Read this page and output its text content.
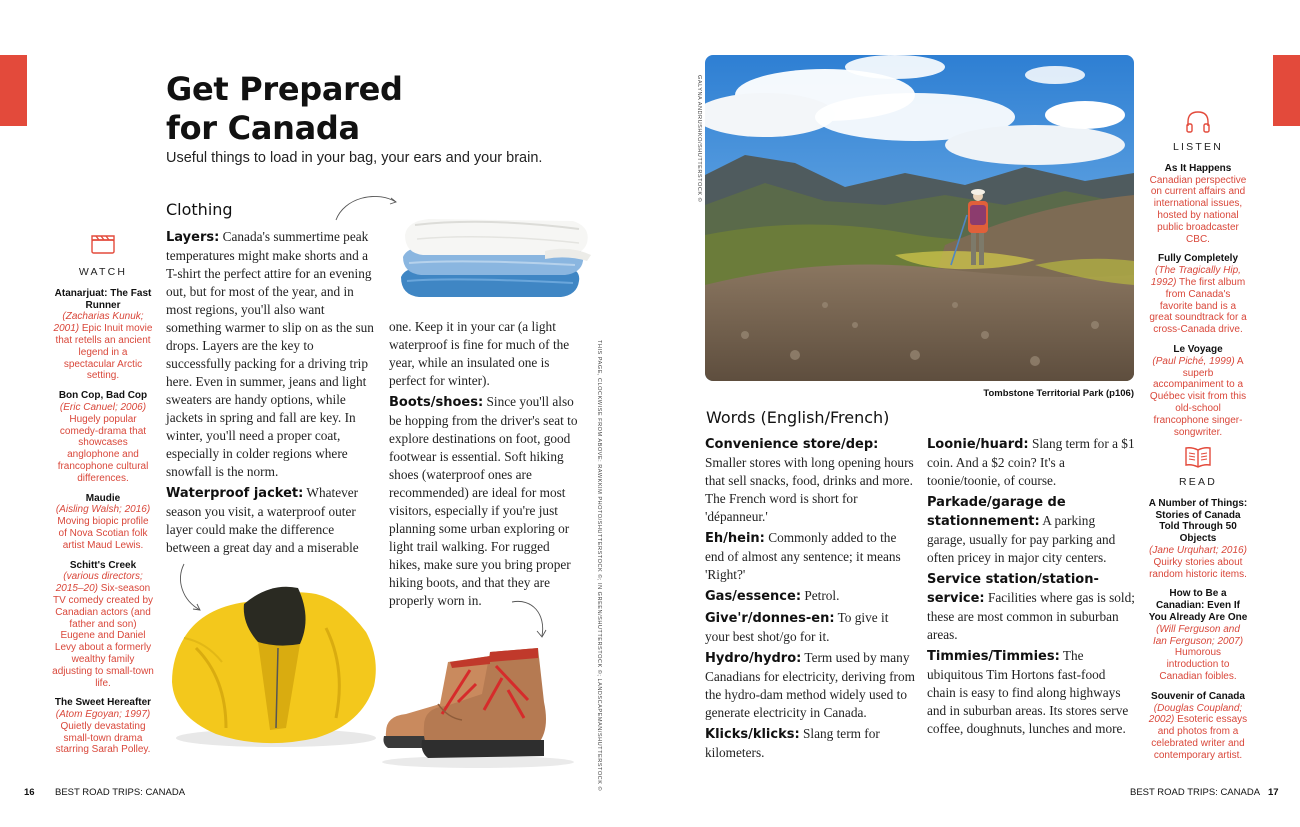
Get Prepared
for Canada
Useful things to load in your bag, your ears and your brain.
WATCH
Atanarjuat: The Fast Runner
(Zacharias Kunuk; 2001) Epic Inuit movie that retells an ancient legend in a spectacular Arctic setting.
Bon Cop, Bad Cop
(Eric Canuel; 2006) Hugely popular comedy-drama that showcases anglophone and francophone cultural differences.
Maudie
(Aisling Walsh; 2016) Moving biopic profile of Nova Scotian folk artist Maud Lewis.
Schitt's Creek
(various directors; 2015–20) Six-season TV comedy created by Canadian actors (and father and son) Eugene and Daniel Levy about a formerly wealthy family adjusting to small-town life.
The Sweet Hereafter
(Atom Egoyan; 1997) Quietly devastating small-town drama starring Sarah Polley.
Clothing

Layers: Canada's summertime peak temperatures might make shorts and a T-shirt the perfect attire for an evening out, but for most of the year, and in most regions, you'll also want something warmer to slip on as the sun drops. Layers are the key to successfully packing for a driving trip here. Even in summer, jeans and light sweaters are handy options, while jackets in spring and fall are key. In winter, you'll need a proper coat, especially in colder regions where snowfall is the norm.

Waterproof jacket: Whatever season you visit, a waterproof outer layer could make the difference between a great day and a miserable

one. Keep it in your car (a light waterproof is fine for much of the year, while an insulated one is perfect for winter).

Boots/shoes: Since you'll also be hopping from the driver's seat to explore destinations on foot, good footwear is essential. Soft hiking shoes (waterproof ones are recommended) are ideal for most visitors, especially if you're just planning some urban exploring or light trail walking. For rugged hikes, make sure you bring proper hiking boots, and that they are properly worn in.	THIS PAGE, CLOCKWISE FROM ABOVE: RAWKKIM PHOTO/SHUTTERSTOCK ©; IN GREEN/SHUTTERSTOCK ©; LANDSCAPEMAN/SHUTTERSTOCK ©
GALYNA ANDRUSHKO/SHUTTERSTOCK ©
Tombstone Territorial Park (p106)
Words (English/French)

Convenience store/dep: Smaller stores with long opening hours that sell snacks, food, drinks and more. The French word is short for 'dépanneur.'

Eh/hein: Commonly added to the end of almost any sentence; it means 'Right?'

Gas/essence: Petrol.

Give'r/donnes-en: To give it your best shot/go for it.

Hydro/hydro: Term used by many Canadians for electricity, deriving from the hydro-dam method widely used to generate electricity in Canada.

Klicks/klicks: Slang term for kilometers.

Loonie/huard: Slang term for a $1 coin. And a $2 coin? It's a toonie/toonie, of course.

Parkade/garage de stationnement: A parking garage, usually for pay parking and often pricey in major city centers.

Service station/station-service: Facilities where gas is sold; these are most common in suburban areas.

Timmies/Timmies: The ubiquitous Tim Hortons fast-food chain is easy to find along highways and in suburban areas. Its stores serve coffee, doughnuts, lunches and more.

LISTEN
As It Happens
Canadian perspective on current affairs and international issues, hosted by national public broadcaster CBC.
Fully Completely
(The Tragically Hip, 1992) The first album from Canada's favorite band is a great soundtrack for a cross-Canada drive.
Le Voyage
(Paul Piché, 1999) A superb accompaniment to a Québec visit from this old-school francophone singer-songwriter.
READ
A Number of Things: Stories of Canada Told Through 50 Objects
(Jane Urquhart; 2016) Quirky stories about random historic items.
How to Be a Canadian: Even If You Already Are One
(Will Ferguson and Ian Ferguson; 2007) Humorous introduction to Canadian foibles.
Souvenir of Canada
(Douglas Coupland; 2002) Esoteric essays and photos from a celebrated writer and contemporary artist.
16 BEST ROAD TRIPS: CANADA	BEST ROAD TRIPS: CANADA 17
